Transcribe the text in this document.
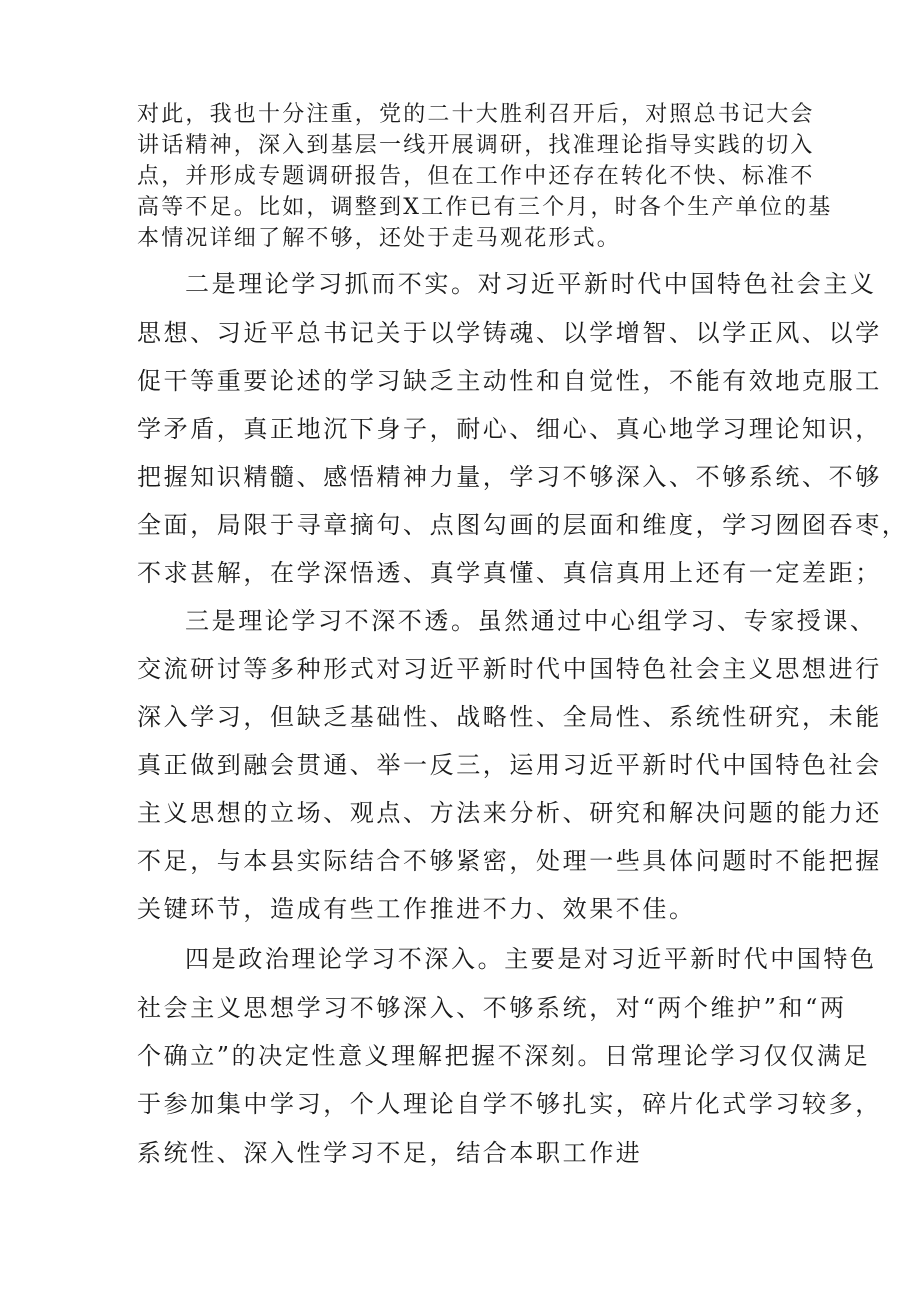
对此，我也十分注重，党的二十大胜利召开后，对照总书记大会
讲话精神，深入到基层一线开展调研，找准理论指导实践的切入
点，并形成专题调研报告，但在工作中还存在转化不快、标准不
高等不足。比如，调整到X工作已有三个月，时各个生产单位的基
本情况详细了解不够，还处于走马观花形式。
二是理论学习抓而不实。对习近平新时代中国特色社会主义
思想、习近平总书记关于以学铸魂、以学增智、以学正风、以学
促干等重要论述的学习缺乏主动性和自觉性，不能有效地克服工
学矛盾，真正地沉下身子，耐心、细心、真心地学习理论知识，
把握知识精髓、感悟精神力量，学习不够深入、不够系统、不够
全面，局限于寻章摘句、点图勾画的层面和维度，学习囫囵吞枣，
不求甚解，在学深悟透、真学真懂、真信真用上还有一定差距；
三是理论学习不深不透。虽然通过中心组学习、专家授课、
交流研讨等多种形式对习近平新时代中国特色社会主义思想进行
深入学习，但缺乏基础性、战略性、全局性、系统性研究，未能
真正做到融会贯通、举一反三，运用习近平新时代中国特色社会
主义思想的立场、观点、方法来分析、研究和解决问题的能力还
不足，与本县实际结合不够紧密，处理一些具体问题时不能把握
关键环节，造成有些工作推进不力、效果不佳。
四是政治理论学习不深入。主要是对习近平新时代中国特色
社会主义思想学习不够深入、不够系统，对“两个维护”和“两
个确立”的决定性意义理解把握不深刻。日常理论学习仅仅满足
于参加集中学习，个人理论自学不够扎实，碎片化式学习较多，
系统性、深入性学习不足，结合本职工作进
